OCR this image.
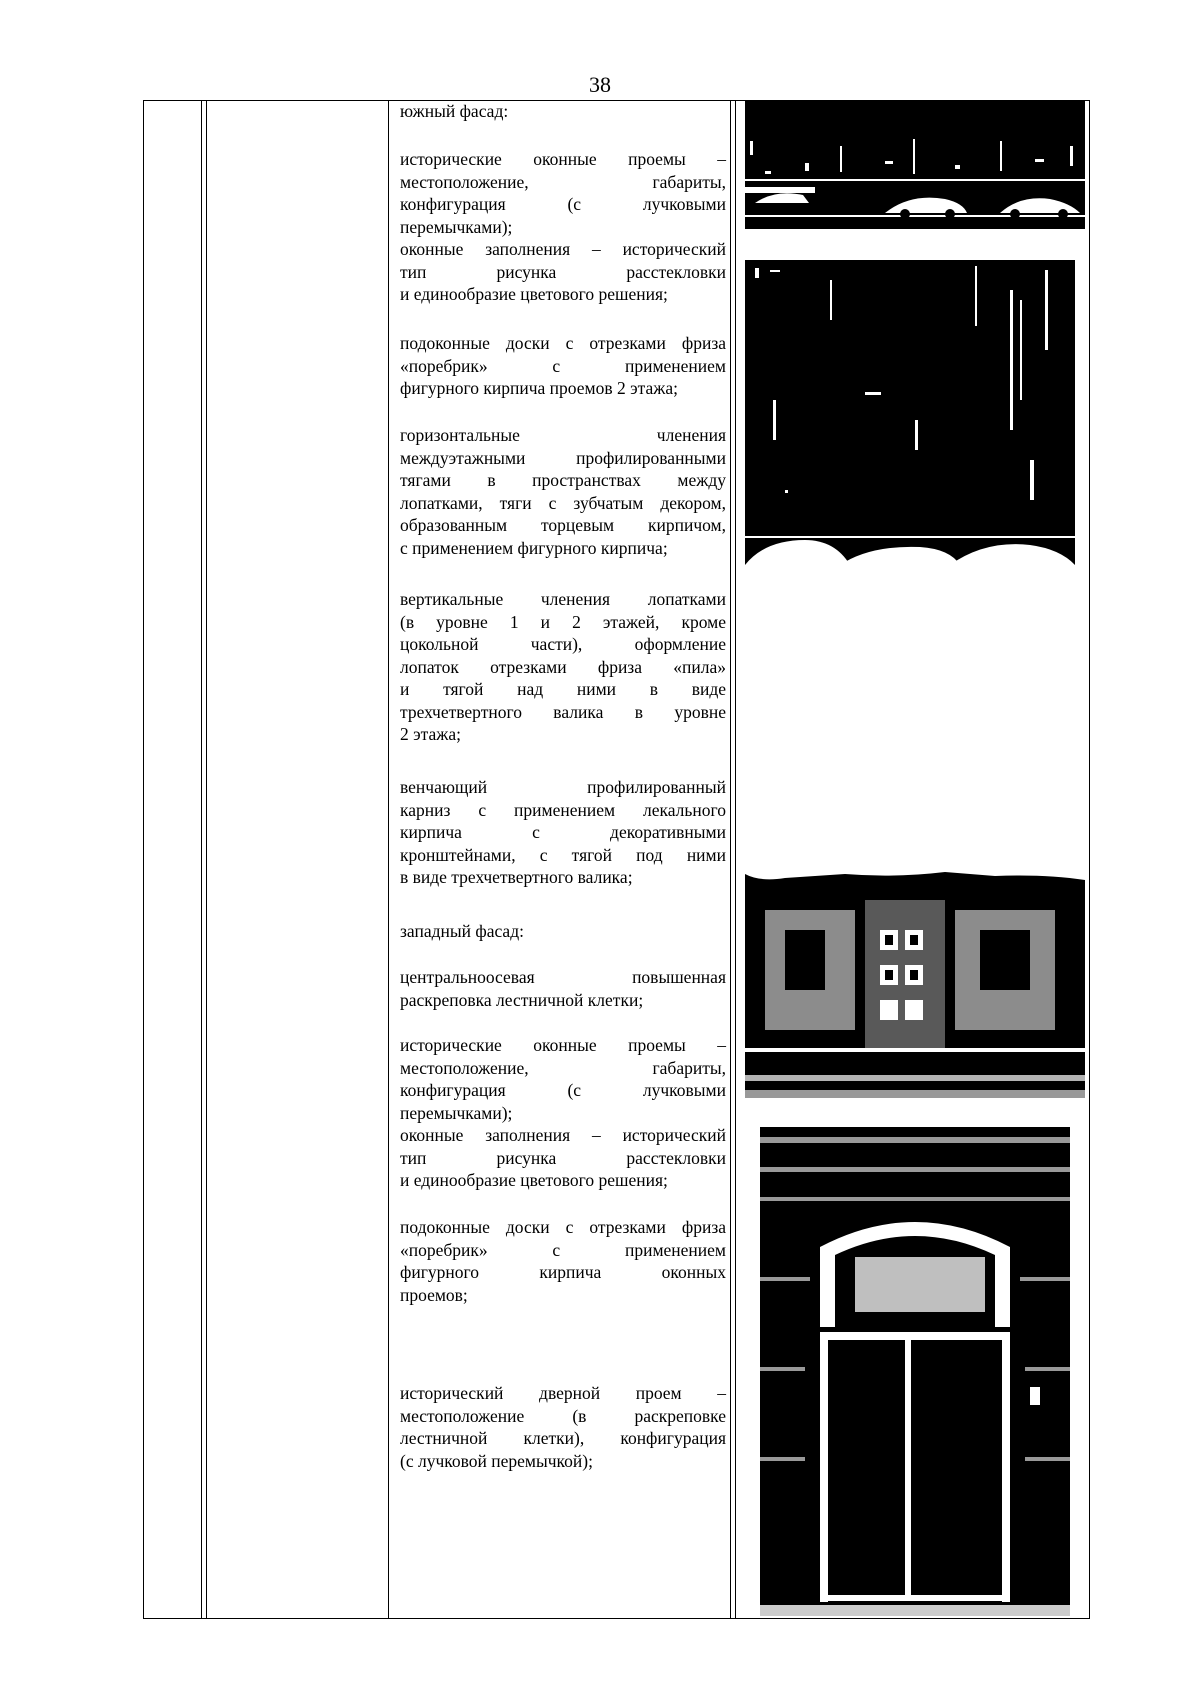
38
южный фасад:
исторические оконные проемы –
местоположение, габариты,
конфигурация (с лучковыми
перемычками);
оконные заполнения – исторический
тип рисунка расстекловки
и единообразие цветового решения;
подоконные доски с отрезками фриза
«поребрик» с применением
фигурного кирпича проемов 2 этажа;
горизонтальные членения
междуэтажными профилированными
тягами в пространствах между
лопатками, тяги с зубчатым декором,
образованным торцевым кирпичом,
с применением фигурного кирпича;
вертикальные членения лопатками
(в уровне 1 и 2 этажей, кроме
цокольной части), оформление
лопаток отрезками фриза «пила»
и тягой над ними в виде
трехчетвертного валика в уровне
2 этажа;
венчающий профилированный
карниз с применением лекального
кирпича с декоративными
кронштейнами, с тягой под ними
в виде трехчетвертного валика;
западный фасад:
центральноосевая повышенная
раскреповка лестничной клетки;
исторические оконные проемы –
местоположение, габариты,
конфигурация (с лучковыми
перемычками);
оконные заполнения – исторический
тип рисунка расстекловки
и единообразие цветового решения;
подоконные доски с отрезками фриза
«поребрик» с применением
фигурного кирпича оконных
проемов;
исторический дверной проем –
местоположение (в раскреповке
лестничной клетки), конфигурация
(с лучковой перемычкой);
